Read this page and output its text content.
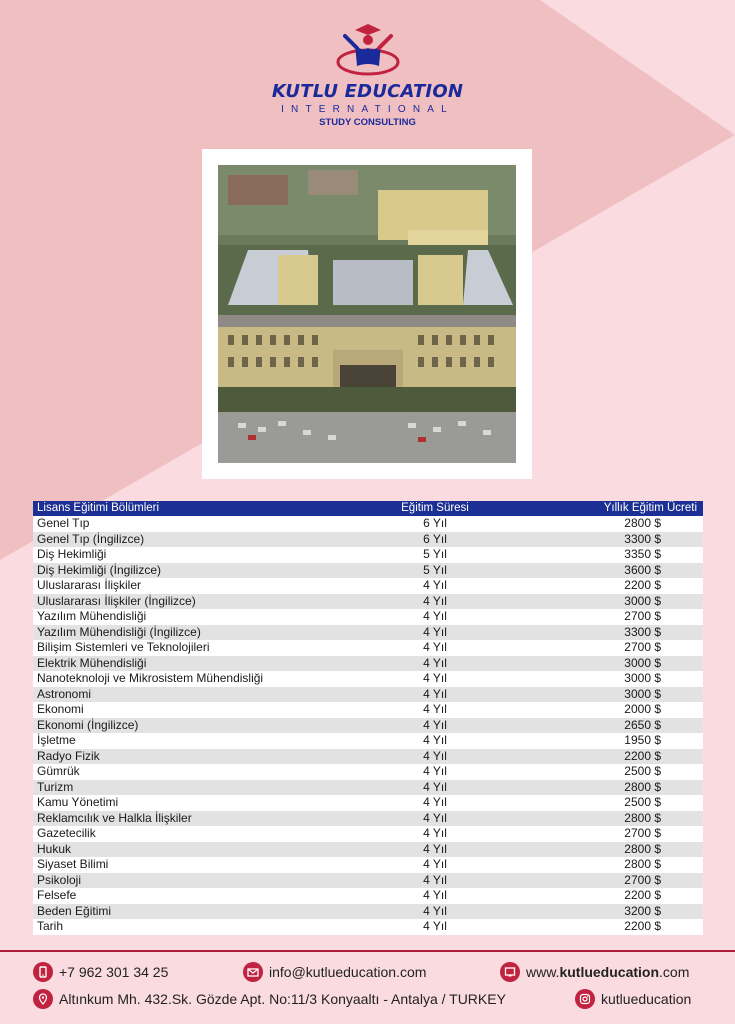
KUTLU EDUCATION
INTERNATIONAL
STUDY CONSULTING
Lisans Eğitimi Bölümleri	Eğitim Süresi	Yıllık Eğitim Ücreti
Genel Tıp	6 Yıl	2800 $
Genel Tıp (İngilizce)	6 Yıl	3300 $
Diş Hekimliği	5 Yıl	3350 $
Diş Hekimliği (İngilizce)	5 Yıl	3600 $
Uluslararası İlişkiler	4 Yıl	2200 $
Uluslararası İlişkiler (İngilizce)	4 Yıl	3000 $
Yazılım Mühendisliği	4 Yıl	2700 $
Yazılım Mühendisliği (İngilizce)	4 Yıl	3300 $
Bilişim Sistemleri ve Teknolojileri	4 Yıl	2700 $
Elektrik Mühendisliği	4 Yıl	3000 $
Nanoteknoloji ve Mikrosistem Mühendisliği	4 Yıl	3000 $
Astronomi	4 Yıl	3000 $
Ekonomi	4 Yıl	2000 $
Ekonomi (İngilizce)	4 Yıl	2650 $
İşletme	4 Yıl	1950 $
Radyo Fizik	4 Yıl	2200 $
Gümrük	4 Yıl	2500 $
Turizm	4 Yıl	2800 $
Kamu Yönetimi	4 Yıl	2500 $
Reklamcılık ve Halkla İlişkiler	4 Yıl	2800 $
Gazetecilik	4 Yıl	2700 $
Hukuk	4 Yıl	2800 $
Siyaset Bilimi	4 Yıl	2800 $
Psikoloji	4 Yıl	2700 $
Felsefe	4 Yıl	2200 $
Beden Eğitimi	4 Yıl	3200 $
Tarih	4 Yıl	2200 $
+7 962 301 34 25	info@kutlueducation.com	www. kutlueducation .com
Altınkum Mh. 432.Sk. Gözde Apt. No:11/3 Konyaaltı - Antalya / TURKEY	kutlueducation
